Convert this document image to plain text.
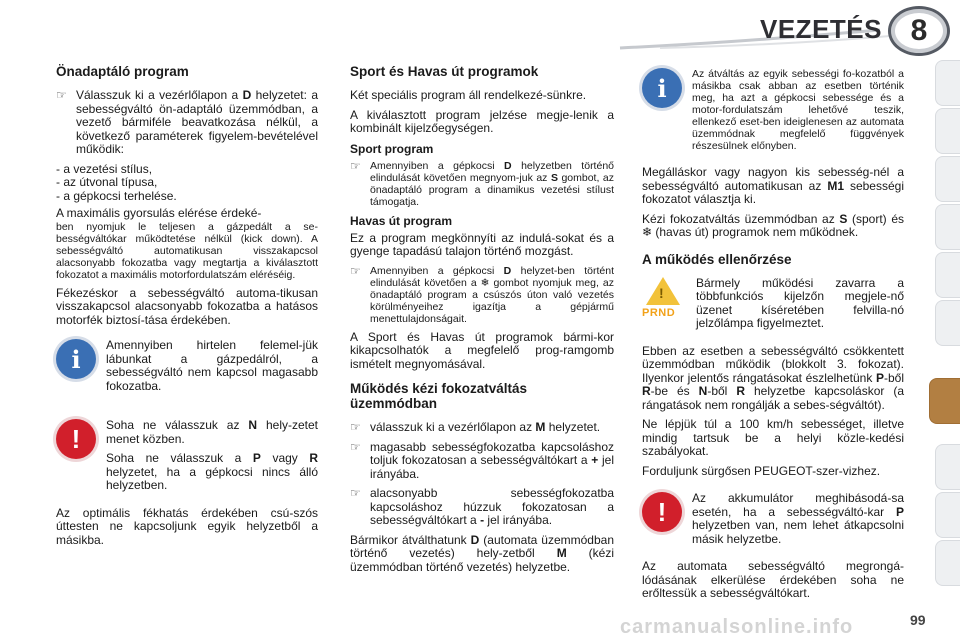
VEZETÉS 8
Önadaptáló program
☞ Válasszuk ki a vezérlőlapon a D helyzetet: a sebességváltó ön-adaptáló üzemmódban, a vezető bármiféle beavatkozása nélkül, a következő paraméterek figyelem-bevételével működik:
- a vezetési stílus,
- az útvonal típusa,
- a gépkocsi terhelése.

A maximális gyorsulás elérése érdeké-

ben nyomjuk le teljesen a gázpedált a se-bességváltókar működtetése nélkül (kick down). A sebességváltó automatikusan visszakapcsol alacsonyabb fokozatba vagy megtartja a kiválasztott fokozatot a maximális motorfordulatszám eléréséig.

Fékezéskor a sebességváltó automa-tikusan visszakapcsol alacsonyabb fokozatba a hatásos motorfék biztosí-tása érdekében.

i	Amennyiben hirtelen felemel-jük lábunkat a gázpedálról, a sebességváltó nem kapcsol magasabb fokozatba.

!	Soha ne válasszuk az N hely-zetet menet közben.

Soha ne válasszuk a P vagy R helyzetet, ha a gépkocsi nincs álló helyzetben.

Az optimális fékhatás érdekében csú-szós úttesten ne kapcsoljunk egyik helyzetből a másikba.

Sport és Havas út programok

Két speciális program áll rendelkezé-sünkre.

A kiválasztott program jelzése megje-lenik a kombinált kijelzőegységen.

Sport program
☞ Amennyiben a gépkocsi D helyzetben történő elindulását követően megnyom-juk az S gombot, az önadaptáló program a dinamikus vezetési stílust támogatja.
Havas út program

Ez a program megkönnyíti az indulá-sokat és a gyenge tapadású talajon történő mozgást.

☞ Amennyiben a gépkocsi D helyzet-ben történt elindulását követően a ❄ gombot nyomjuk meg, az önadaptáló program a csúszós úton való vezetés körülményeihez igazítja a gépjármű menettulajdonságait.

A Sport és Havas út programok bármi-kor kikapcsolhatók a megfelelő prog-ramgomb ismételt megnyomásával.

Működés kézi fokozatváltás üzemmódban
☞ válasszuk ki a vezérlőlapon az M helyzetet.
☞ magasabb sebességfokozatba kapcsoláshoz toljuk fokozatosan a sebességváltókart a + jel irányába.
☞ alacsonyabb sebességfokozatba kapcsoláshoz húzzuk fokozatosan a sebességváltókart a - jel irányába.

Bármikor átválthatunk D (automata üzemmódban történő vezetés) hely-zetből M (kézi üzemmódban történő vezetés) helyzetbe.

i	Az átváltás az egyik sebességi fo-kozatból a másikba csak abban az esetben történik meg, ha azt a gépkocsi sebessége és a motor-fordulatszám lehetővé teszik, ellenkező eset-ben ideiglenesen az automata üzemmódnak megfelelő függvények részesülnek előnyben.

Megálláskor vagy nagyon kis sebesség-nél a sebességváltó automatikusan az M1 sebességi fokozatot választja ki.

Kézi fokozatváltás üzemmódban az S (sport) és ❄ (havas út) programok nem működnek.

A működés ellenőrzése
!
PRND

Bármely működési zavarra a többfunkciós kijelzőn megjele-nő üzenet kíséretében felvilla-nó jelzőlámpa figyelmeztet.

Ebben az esetben a sebességváltó csökkentett üzemmódban működik (blokkolt 3. fokozat). Ilyenkor jelentős rángatásokat észlelhetünk P-ből R-be és N-ből R helyzetbe kapcsoláskor (a rángatások nem rongálják a sebes-ségváltót).

Ne lépjük túl a 100 km/h sebességet, illetve mindig tartsuk be a helyi közle-kedési szabályokat.

Forduljunk sürgősen PEUGEOT-szer-vizhez.

!	Az akkumulátor meghibásodá-sa esetén, ha a sebességváltó-kar P helyzetben van, nem lehet átkapcsolni másik helyzetbe.

Az automata sebességváltó megrongá-lódásának elkerülése érdekében soha ne erőltessük a sebességváltókart.

carmanualsonline.info	99
